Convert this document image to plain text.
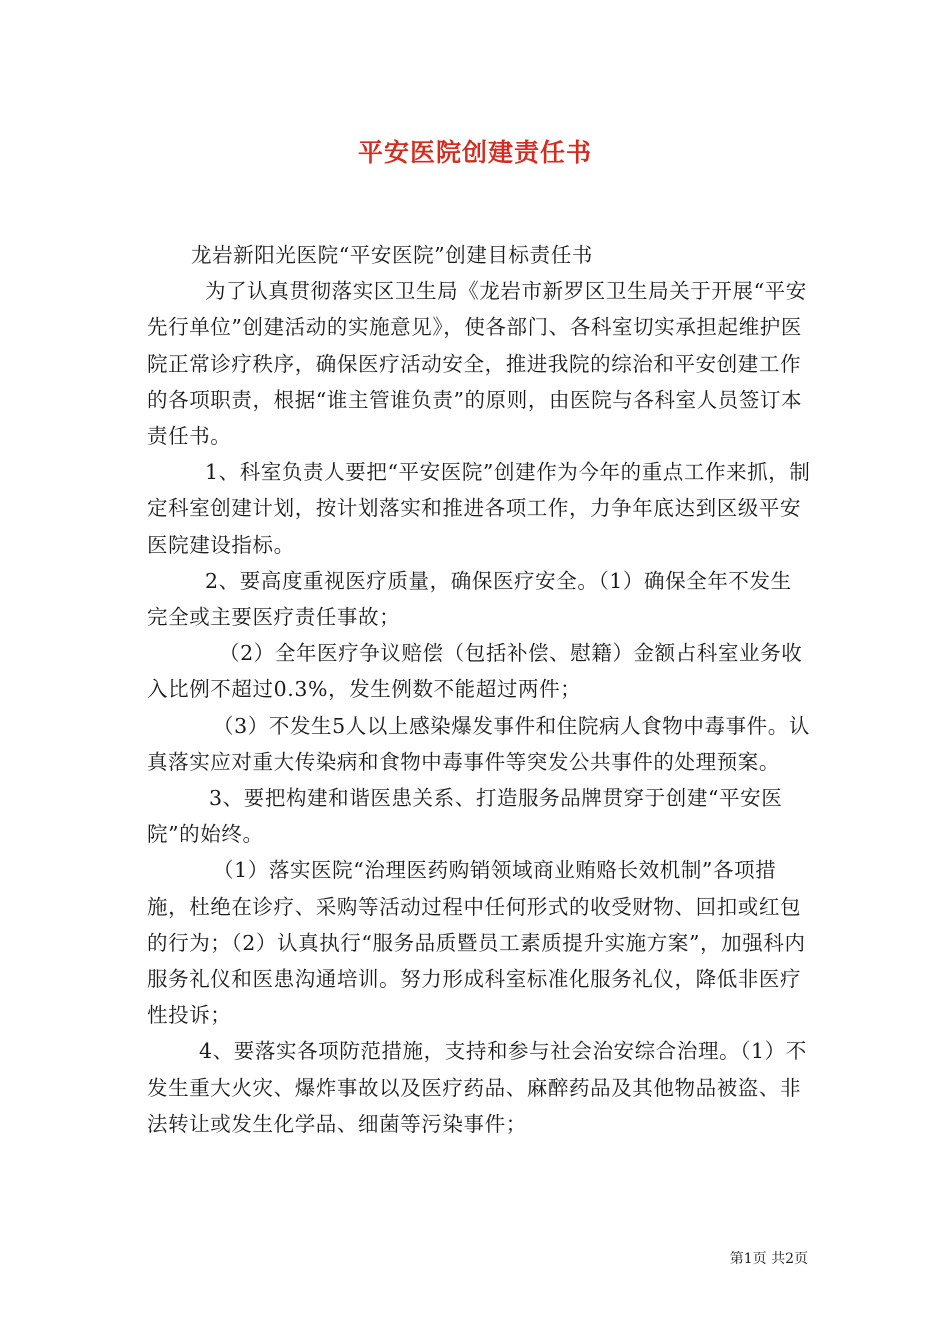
平安医院创建责任书

龙岩新阳光医院“平安医院”创建目标责任书

为了认真贯彻落实区卫生局《龙岩市新罗区卫生局关于开展“平安先行单位”创建活动的实施意见》，使各部门、各科室切实承担起维护医院正常诊疗秩序，确保医疗活动安全，推进我院的综治和平安创建工作的各项职责，根据“谁主管谁负责”的原则，由医院与各科室人员签订本责任书。

1、科室负责人要把“平安医院”创建作为今年的重点工作来抓，制定科室创建计划，按计划落实和推进各项工作，力争年底达到区级平安医院建设指标。

2、要高度重视医疗质量，确保医疗安全。（1）确保全年不发生完全或主要医疗责任事故；

（2）全年医疗争议赔偿（包括补偿、慰籍）金额占科室业务收入比例不超过0.3%，发生例数不能超过两件；

（3）不发生5人以上感染爆发事件和住院病人食物中毒事件。认真落实应对重大传染病和食物中毒事件等突发公共事件的处理预案。

3、要把构建和谐医患关系、打造服务品牌贯穿于创建“平安医院”的始终。

（1）落实医院“治理医药购销领域商业贿赂长效机制”各项措施，杜绝在诊疗、采购等活动过程中任何形式的收受财物、回扣或红包的行为；（2）认真执行“服务品质暨员工素质提升实施方案”，加强科内服务礼仪和医患沟通培训。努力形成科室标准化服务礼仪，降低非医疗性投诉；

4、要落实各项防范措施，支持和参与社会治安综合治理。（1）不发生重大火灾、爆炸事故以及医疗药品、麻醉药品及其他物品被盗、非法转让或发生化学品、细菌等污染事件；

第1页 共2页
